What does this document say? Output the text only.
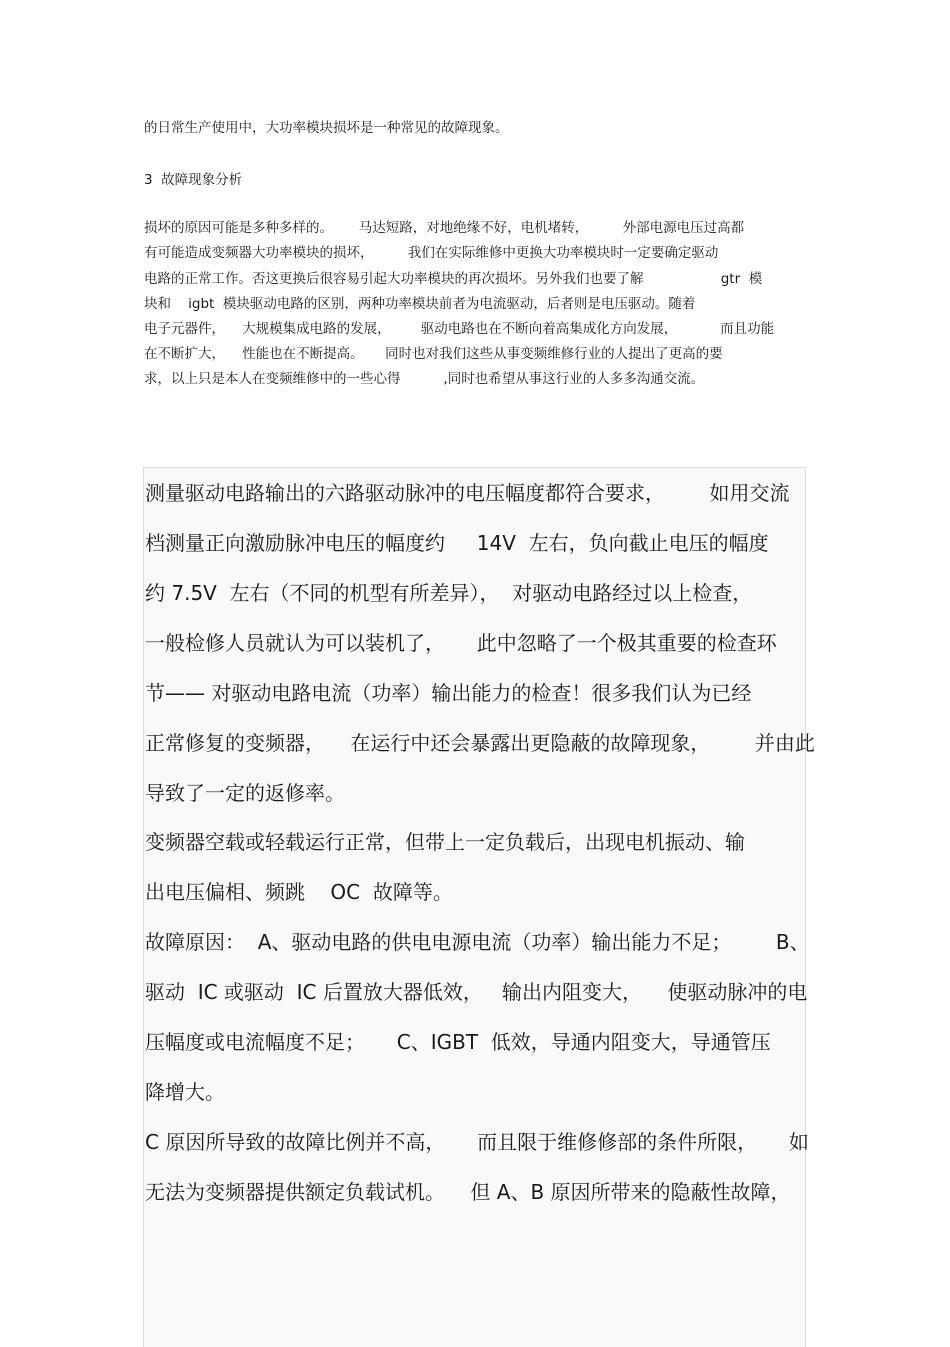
的日常生产使用中，大功率模块损坏是一种常见的故障现象。
3  故障现象分析
损坏的原因可能是多种多样的。      马达短路，对地绝缘不好，电机堵转，        外部电源电压过高都
有可能造成变频器大功率模块的损坏，        我们在实际维修中更换大功率模块时一定要确定驱动
电路的正常工作。否这更换后很容易引起大功率模块的再次损坏。另外我们也要了解                  gtr  模
块和    igbt  模块驱动电路的区别，两种功率模块前者为电流驱动，后者则是电压驱动。随着
电子元器件，    大规模集成电路的发展，       驱动电路也在不断向着高集成化方向发展，          而且功能
在不断扩大，    性能也在不断提高。     同时也对我们这些从事变频维修行业的人提出了更高的要
求，以上只是本人在变频维修中的一些心得          ,同时也希望从事这行业的人多多沟通交流。
测量驱动电路输出的六路驱动脉冲的电压幅度都符合要求，       如用交流
档测量正向激励脉冲电压的幅度约     14V  左右，负向截止电压的幅度
约 7.5V  左右（不同的机型有所差异），  对驱动电路经过以上检查，
一般检修人员就认为可以装机了，     此中忽略了一个极其重要的检查环
节—— 对驱动电路电流（功率）输出能力的检查！很多我们认为已经
正常修复的变频器，    在运行中还会暴露出更隐蔽的故障现象，       并由此
导致了一定的返修率。
变频器空载或轻载运行正常，但带上一定负载后，出现电机振动、输
出电压偏相、频跳    OC  故障等。
故障原因：  A、驱动电路的供电电源电流（功率）输出能力不足；       B、
驱动  IC 或驱动  IC 后置放大器低效，   输出内阻变大，    使驱动脉冲的电
压幅度或电流幅度不足；     C、IGBT  低效，导通内阻变大，导通管压
降增大。
C 原因所导致的故障比例并不高，     而且限于维修修部的条件所限，     如
无法为变频器提供额定负载试机。    但 A、B 原因所带来的隐蔽性故障，
